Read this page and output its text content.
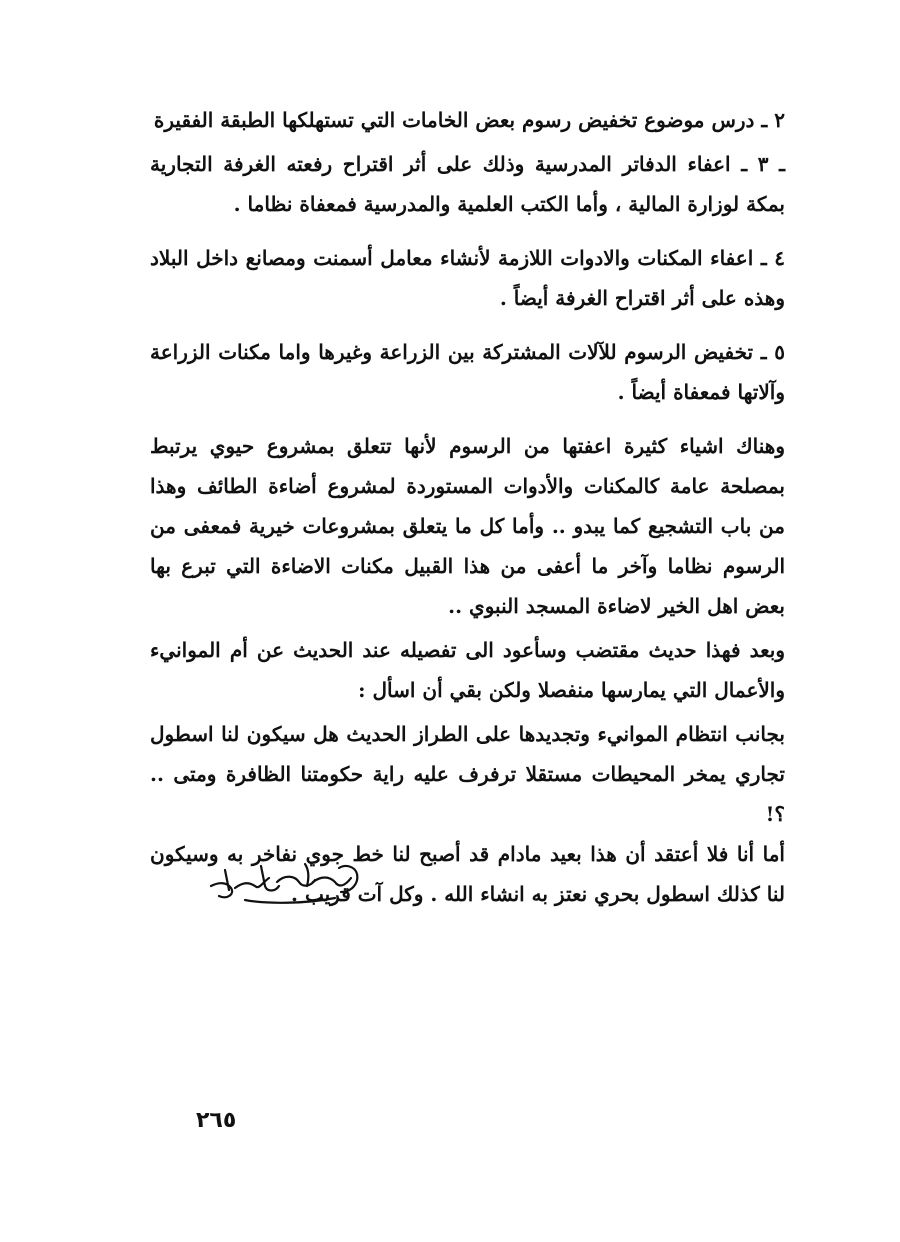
٢ ـ درس موضوع تخفيض رسوم بعض الخامات التي تستهلكها الطبقة الفقيرة

ـ ٣ ـ اعفاء الدفاتر المدرسية وذلك على أثر اقتراح رفعته الغرفة التجارية بمكة لوزارة المالية ، وأما الكتب العلمية والمدرسية فمعفاة نظاما .

٤ ـ اعفاء المكنات والادوات اللازمة لأنشاء معامل أسمنت ومصانع داخل البلاد وهذه على أثر اقتراح الغرفة أيضاً .

٥ ـ تخفيض الرسوم للآلات المشتركة بين الزراعة وغيرها واما مكنات الزراعة وآلاتها فمعفاة أيضاً .

وهناك اشياء كثيرة اعفتها من الرسوم لأنها تتعلق بمشروع حيوي يرتبط بمصلحة عامة كالمكنات والأدوات المستوردة لمشروع أضاءة الطائف وهذا من باب التشجيع كما يبدو .. وأما كل ما يتعلق بمشروعات خيرية فمعفى من الرسوم نظاما وآخر ما أعفى من هذا القبيل مكنات الاضاءة التي تبرع بها بعض اهل الخير لاضاءة المسجد النبوي ..

وبعد فهذا حديث مقتضب وسأعود الى تفصيله عند الحديث عن أم الموانيء والأعمال التي يمارسها منفصلا ولكن بقي أن اسأل :

بجانب انتظام الموانيء وتجديدها على الطراز الحديث هل سيكون لنا اسطول تجاري يمخر المحيطات مستقلا ترفرف عليه راية حكومتنا الظافرة ومتى .. ؟!

أما أنا فلا أعتقد أن هذا بعيد مادام قد أصبح لنا خط جوي نفاخر به وسيكون لنا كذلك اسطول بحري نعتز به انشاء الله . وكل آت قريب .

٢٦٥
